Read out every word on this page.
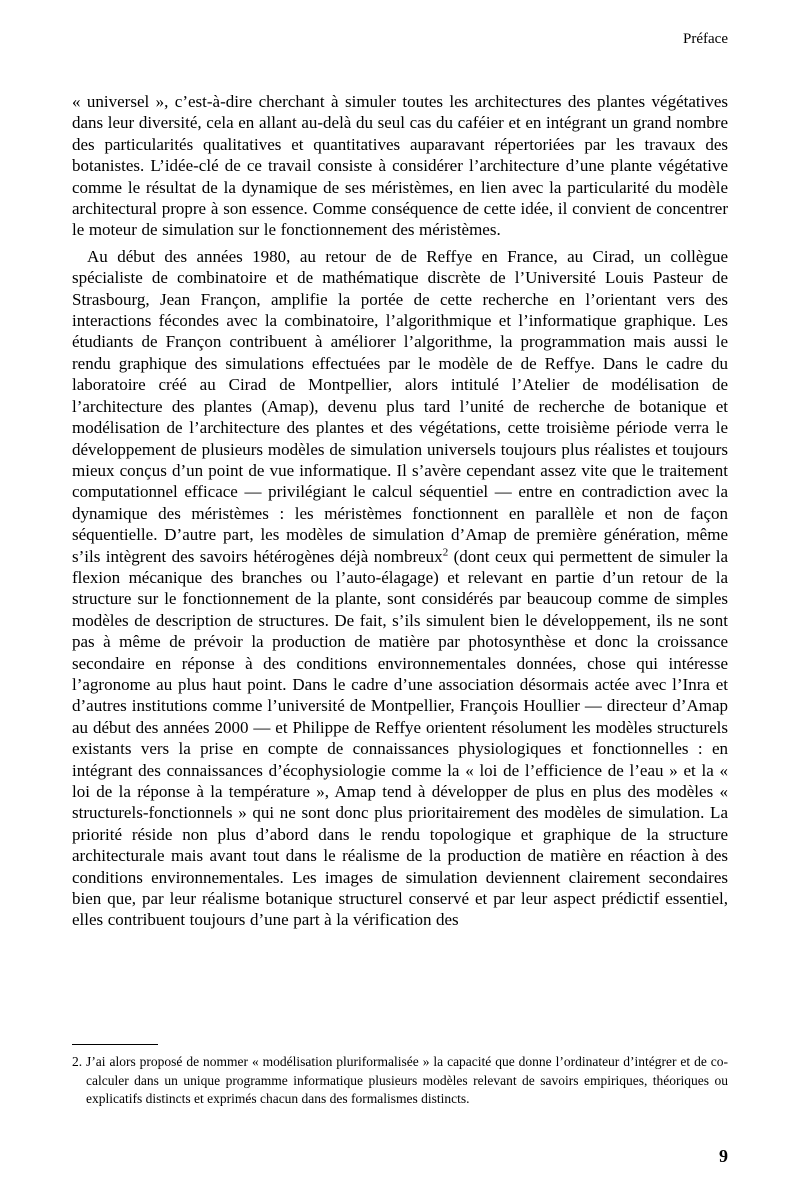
Préface

« universel », c’est-à-dire cherchant à simuler toutes les architectures des plantes végétatives dans leur diversité, cela en allant au-delà du seul cas du caféier et en intégrant un grand nombre des particularités qualitatives et quantitatives auparavant répertoriées par les travaux des botanistes. L’idée-clé de ce travail consiste à considérer l’architecture d’une plante végétative comme le résultat de la dynamique de ses méristèmes, en lien avec la particularité du modèle architectural propre à son essence. Comme conséquence de cette idée, il convient de concentrer le moteur de simulation sur le fonctionnement des méristèmes.

Au début des années 1980, au retour de de Reffye en France, au Cirad, un collègue spécialiste de combinatoire et de mathématique discrète de l’Université Louis Pasteur de Strasbourg, Jean Françon, amplifie la portée de cette recherche en l’orientant vers des interactions fécondes avec la combinatoire, l’algorithmique et l’informatique graphique. Les étudiants de Françon contribuent à améliorer l’algorithme, la programmation mais aussi le rendu graphique des simulations effectuées par le modèle de de Reffye. Dans le cadre du laboratoire créé au Cirad de Montpellier, alors intitulé l’Atelier de modélisation de l’architecture des plantes (Amap), devenu plus tard l’unité de recherche de botanique et modélisation de l’architecture des plantes et des végétations, cette troisième période verra le développement de plusieurs modèles de simulation universels toujours plus réalistes et toujours mieux conçus d’un point de vue informatique. Il s’avère cependant assez vite que le traitement computationnel efficace — privilégiant le calcul séquentiel — entre en contradiction avec la dynamique des méristèmes : les méristèmes fonctionnent en parallèle et non de façon séquentielle. D’autre part, les modèles de simulation d’Amap de première génération, même s’ils intègrent des savoirs hétérogènes déjà nombreux$^2$ (dont ceux qui permettent de simuler la flexion mécanique des branches ou l’auto-élagage) et relevant en partie d’un retour de la structure sur le fonctionnement de la plante, sont considérés par beaucoup comme de simples modèles de description de structures. De fait, s’ils simulent bien le développement, ils ne sont pas à même de prévoir la production de matière par photosynthèse et donc la croissance secondaire en réponse à des conditions environnementales données, chose qui intéresse l’agronome au plus haut point. Dans le cadre d’une association désormais actée avec l’Inra et d’autres institutions comme l’université de Montpellier, François Houllier — directeur d’Amap au début des années 2000 — et Philippe de Reffye orientent résolument les modèles structurels existants vers la prise en compte de connaissances physiologiques et fonctionnelles : en intégrant des connaissances d’écophysiologie comme la « loi de l’efficience de l’eau » et la « loi de la réponse à la température », Amap tend à développer de plus en plus des modèles « structurels-fonctionnels » qui ne sont donc plus prioritairement des modèles de simulation. La priorité réside non plus d’abord dans le rendu topologique et graphique de la structure architecturale mais avant tout dans le réalisme de la production de matière en réaction à des conditions environnementales. Les images de simulation deviennent clairement secondaires bien que, par leur réalisme botanique structurel conservé et par leur aspect prédictif essentiel, elles contribuent toujours d’une part à la vérification des

2. J’ai alors proposé de nommer « modélisation pluriformalisée » la capacité que donne l’ordinateur d’intégrer et de co-calculer dans un unique programme informatique plusieurs modèles relevant de savoirs empiriques, théoriques ou explicatifs distincts et exprimés chacun dans des formalismes distincts.

9
